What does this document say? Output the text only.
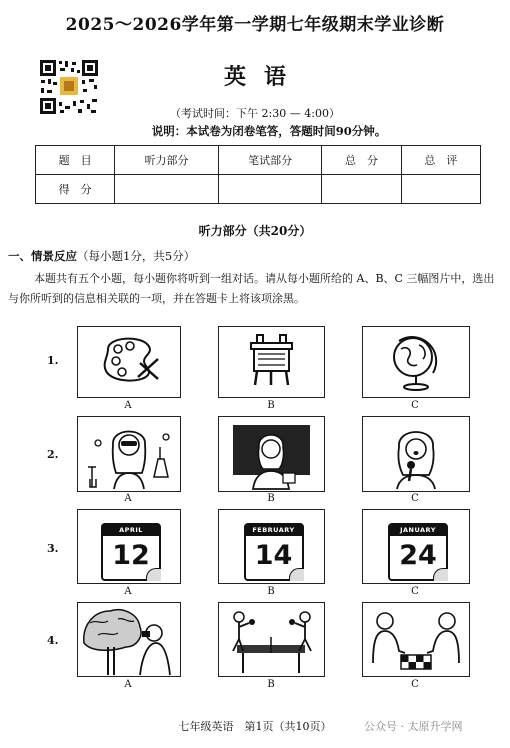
2025～2026学年第一学期七年级期末学业诊断
英语
（考试时间：下午 2:30 — 4:00）
说明：本试卷为闭卷笔答，答题时间90分钟。
题　目	听力部分	笔试部分	总　分	总　评
得　分				
听力部分（共20分）
一、情景反应（每小题1分，共5分）
本题共有五个小题，每小题你将听到一组对话。请从每小题所给的 A、B、C 三幅图片中，选出与你所听到的信息相关联的一项，并在答题卡上将该项涂黑。
1.
A	B	C
2.
A	B	C
3.
APRIL
12
A
FEBRUARY
14
B
JANUARY
24
C
4.
A	B	C
七年级英语　第1页（共10页）	公众号 · 太原升学网
